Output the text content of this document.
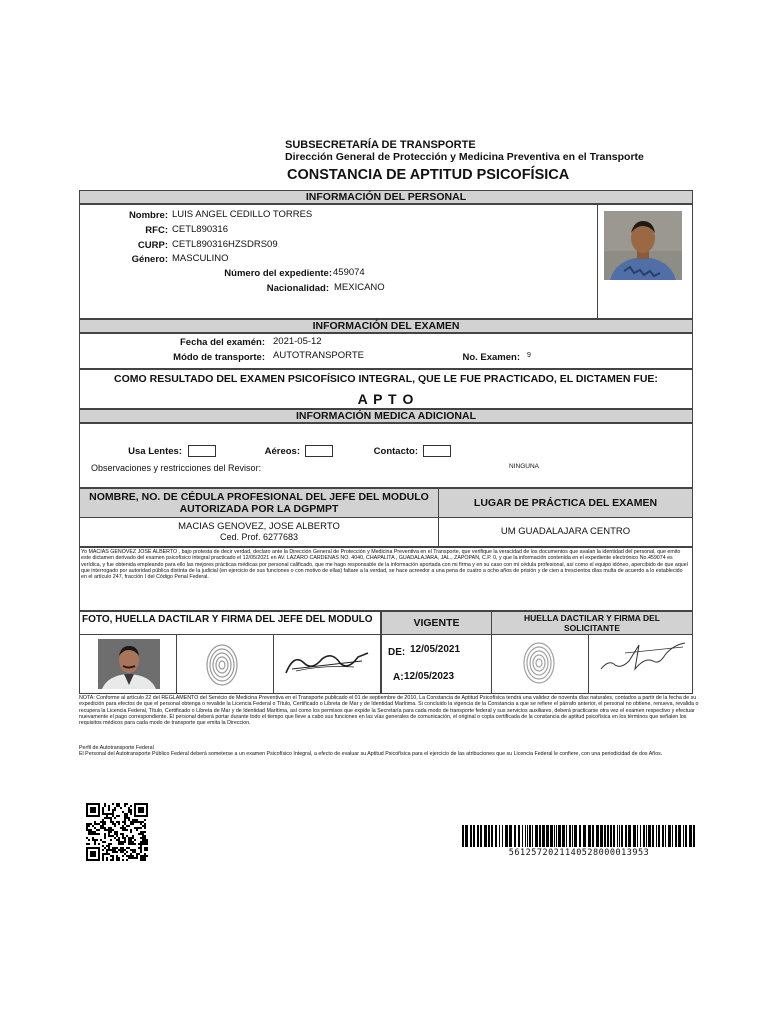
SUBSECRETARÍA DE TRANSPORTE
Dirección General de Protección y Medicina Preventiva en el Transporte
CONSTANCIA DE APTITUD PSICOFÍSICA
INFORMACIÓN DEL PERSONAL
Nombre: LUIS ANGEL CEDILLO TORRES
RFC: CETL890316
CURP: CETL890316HZSDRS09
Género: MASCULINO
Número del expediente: 459074
Nacionalidad: MEXICANO
INFORMACIÓN DEL EXAMEN
Fecha del examén: 2021-05-12
Módo de transporte: AUTOTRANSPORTE	No. Examen: 9
COMO RESULTADO DEL EXAMEN PSICOFÍSICO INTEGRAL, QUE LE FUE PRACTICADO, EL DICTAMEN FUE:
A P T O
INFORMACIÓN MEDICA ADICIONAL
Usa Lentes:	Aéreos:	Contacto:
Observaciones y restricciones del Revisor:	NINGUNA
NOMBRE, NO. DE CÉDULA PROFESIONAL DEL JEFE DEL MODULO AUTORIZADA POR LA DGPMPT	LUGAR DE PRÁCTICA DEL EXAMEN
MACIAS GENOVEZ, JOSE ALBERTO
Ced. Prof. 6277683	UM GUADALAJARA CENTRO
Yo MACIAS GENOVEZ JOSE ALBERTO , bajo protesta de decir verdad, declaro ante la Dirección General de Protección y Medicina Preventiva en el Transporte, que verifique la veracidad de los documentos que avalan la identidad del personal, que emito este dictamen derivado del examen psicofísico integral practicado el 12/05/2021 en AV. LAZARO CARDENAS NO. 4040, CHAPALITA , GUADALAJARA, JAL., ZAPOPAN, C.P. 0, y que la información contenida en el expediente electrónico No.459074 es verídica, y fue obtenida empleando para ello las mejores prácticas médicas por personal calificado, que me hago responsable de la información aportada con mi firma y en su caso con mi cédula profesional, así como el equipo idóneo, apercibido de que aquel que interrogado por autoridad pública distinta de la judicial (en ejercicio de sus funciones o con motivo de ellas) faltare a la verdad, se hace acreedor a una pena de cuatro a ocho años de prisión y de cien a trescientos días multa de acuerdo a lo establecido en el artículo 247, fracción I del Código Penal Federal.
FOTO, HUELLA DACTILAR Y FIRMA DEL JEFE DEL MODULO	VIGENTE	HUELLA DACTILAR Y FIRMA DEL SOLICITANTE
DE: 12/05/2021
A: 12/05/2023
NOTA: Conforme al artículo 22 del REGLAMENTO del Servicio de Medicina Preventiva en el Transporte publicado el 01 de septiembre de 2010, La Constancia de Aptitud Psicofísica tendrá una validez de noventa días naturales, contados a partir de la fecha de su expedición para efectos de que el personal obtenga o revalide la Licencia Federal o Título, Certificado o Libreta de Mar y de Identidad Marítima. Si concluido la vigencia de la Constancia a que se refiere el párrafo anterior, el personal no obtiene, renueva, revalida o recupera la Licencia Federal, Título, Certificado o Libreta de Mar y de Identidad Marítima, así como los permisos que expide la Secretaría para cada modo de transporte federal y sus servicios auxiliares, deberá practicarse otra vez el examen respectivo y efectuar nuevamente el pago correspondiente. El personal deberá portar durante todo el tiempo que lleve a cabo sus funciones en las vías generales de comunicación, el original o copia certificada de la constancia de aptitud psicofísica en los términos que señalen los requisitos médicos para cada modo de transporte que emita la Direccion.
Perfil de Autotransporte Federal
El Personal del Autotransporte Público Federal deberá someterse a un examen Psicofísico Integral, a efecto de evaluar su Aptitud Psicofísica para el ejercicio de las atribuciones que su Licencia Federal le confiere, con una periodicidad de dos Años.
5612572021140528000013953
